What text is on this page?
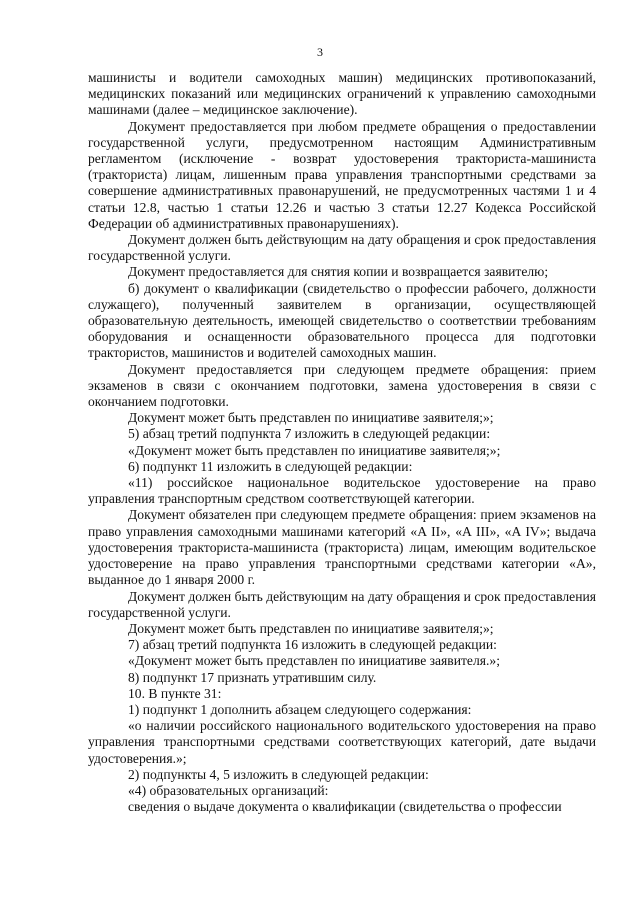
3

машинисты и водители самоходных машин) медицинских противопоказаний, медицинских показаний или медицинских ограничений к управлению самоходными машинами (далее – медицинское заключение).

Документ предоставляется при любом предмете обращения о предоставлении государственной услуги, предусмотренном настоящим Административным регламентом (исключение - возврат удостоверения тракториста-машиниста (тракториста) лицам, лишенным права управления транспортными средствами за совершение административных правонарушений, не предусмотренных частями 1 и 4 статьи 12.8, частью 1 статьи 12.26 и частью 3 статьи 12.27 Кодекса Российской Федерации об административных правонарушениях).

Документ должен быть действующим на дату обращения и срок предоставления государственной услуги.

Документ предоставляется для снятия копии и возвращается заявителю;

б) документ о квалификации (свидетельство о профессии рабочего, должности служащего), полученный заявителем в организации, осуществляющей образовательную деятельность, имеющей свидетельство о соответствии требованиям оборудования и оснащенности образовательного процесса для подготовки трактористов, машинистов и водителей самоходных машин.

Документ предоставляется при следующем предмете обращения: прием экзаменов в связи с окончанием подготовки, замена удостоверения в связи с окончанием подготовки.

Документ может быть представлен по инициативе заявителя;»;

5) абзац третий подпункта 7 изложить в следующей редакции:

«Документ может быть представлен по инициативе заявителя;»;

6) подпункт 11 изложить в следующей редакции:

«11) российское национальное водительское удостоверение на право управления транспортным средством соответствующей категории.

Документ обязателен при следующем предмете обращения: прием экзаменов на право управления самоходными машинами категорий «A II», «A III», «A IV»; выдача удостоверения тракториста-машиниста (тракториста) лицам, имеющим водительское удостоверение на право управления транспортными средствами категории «A», выданное до 1 января 2000 г.

Документ должен быть действующим на дату обращения и срок предоставления государственной услуги.

Документ может быть представлен по инициативе заявителя;»;

7) абзац третий подпункта 16 изложить в следующей редакции:

«Документ может быть представлен по инициативе заявителя.»;

8) подпункт 17 признать утратившим силу.

10. В пункте 31:

1) подпункт 1 дополнить абзацем следующего содержания:

«о наличии российского национального водительского удостоверения на право управления транспортными средствами соответствующих категорий, дате выдачи удостоверения.»;

2) подпункты 4, 5 изложить в следующей редакции:

«4) образовательных организаций:

сведения о выдаче документа о квалификации (свидетельства о профессии
